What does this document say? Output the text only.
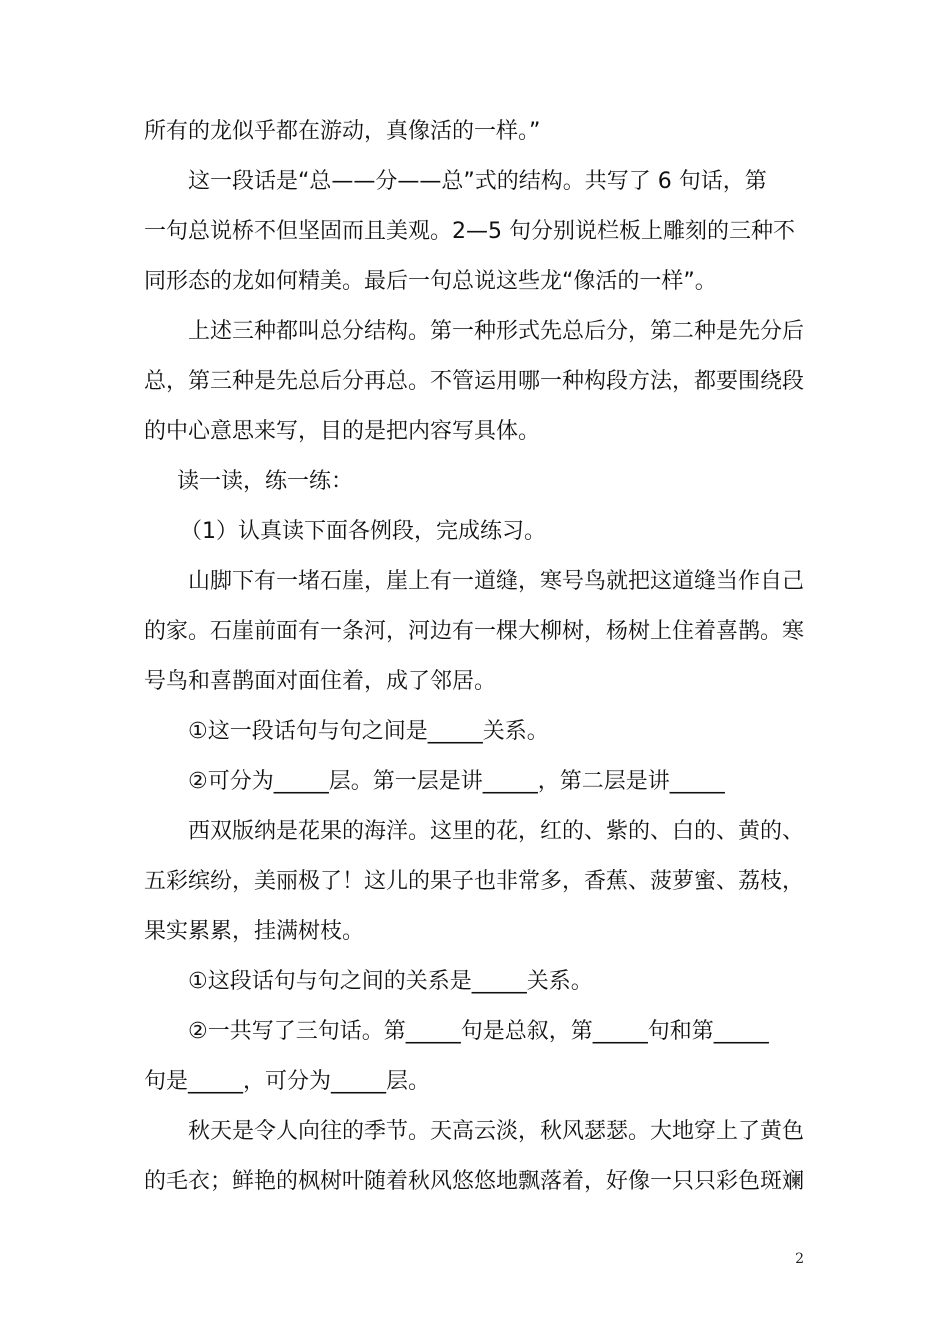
所有的龙似乎都在游动，真像活的一样。”
这一段话是“总——分——总”式的结构。共写了 6 句话，第
一句总说桥不但坚固而且美观。2—5 句分别说栏板上雕刻的三种不
同形态的龙如何精美。最后一句总说这些龙“像活的一样”。
上述三种都叫总分结构。第一种形式先总后分，第二种是先分后
总，第三种是先总后分再总。不管运用哪一种构段方法，都要围绕段
的中心意思来写，目的是把内容写具体。
读一读，练一练：
（1）认真读下面各例段，完成练习。
山脚下有一堵石崖，崖上有一道缝，寒号鸟就把这道缝当作自己
的家。石崖前面有一条河，河边有一棵大柳树，杨树上住着喜鹊。寒
号鸟和喜鹊面对面住着，成了邻居。
①这一段话句与句之间是_____关系。
②可分为_____层。第一层是讲_____，第二层是讲_____
西双版纳是花果的海洋。这里的花，红的、紫的、白的、黄的、
五彩缤纷，美丽极了！这儿的果子也非常多，香蕉、菠萝蜜、荔枝，
果实累累，挂满树枝。
①这段话句与句之间的关系是_____关系。
②一共写了三句话。第_____句是总叙，第_____句和第_____
句是_____，可分为_____层。
秋天是令人向往的季节。天高云淡，秋风瑟瑟。大地穿上了黄色
的毛衣；鲜艳的枫树叶随着秋风悠悠地飘落着，好像一只只彩色斑斓
2
